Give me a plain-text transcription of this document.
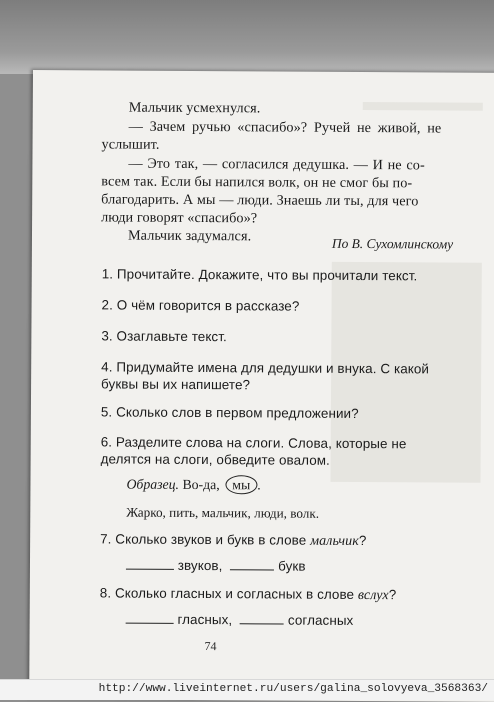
Мальчик усмехнулся.
— Зачем ручью «спасибо»? Ручей не живой, не
услышит.
— Это так, — согласился дедушка. — И не со-
всем так. Если бы напился волк, он не смог бы по-
благодарить. А мы — люди. Знаешь ли ты, для чего
люди говорят «спасибо»?
Мальчик задумался.	По В. Сухомлинскому
1. Прочитайте. Докажите, что вы прочитали текст.
2. О чём говорится в рассказе?
3. Озаглавьте текст.
4. Придумайте имена для дедушки и внука. С какой
буквы вы их напишете?
5. Сколько слов в первом предложении?
6. Разделите слова на слоги. Слова, которые не
делятся на слоги, обведите овалом.
Образец. Во-да, мы .
Жарко, пить, мальчик, люди, волк.
7. Сколько звуков и букв в слове мальчик?
звуков,	букв
8. Сколько гласных и согласных в слове вслух?
гласных,	согласных
74
http://www.liveinternet.ru/users/galina_solovyeva_3568363/
